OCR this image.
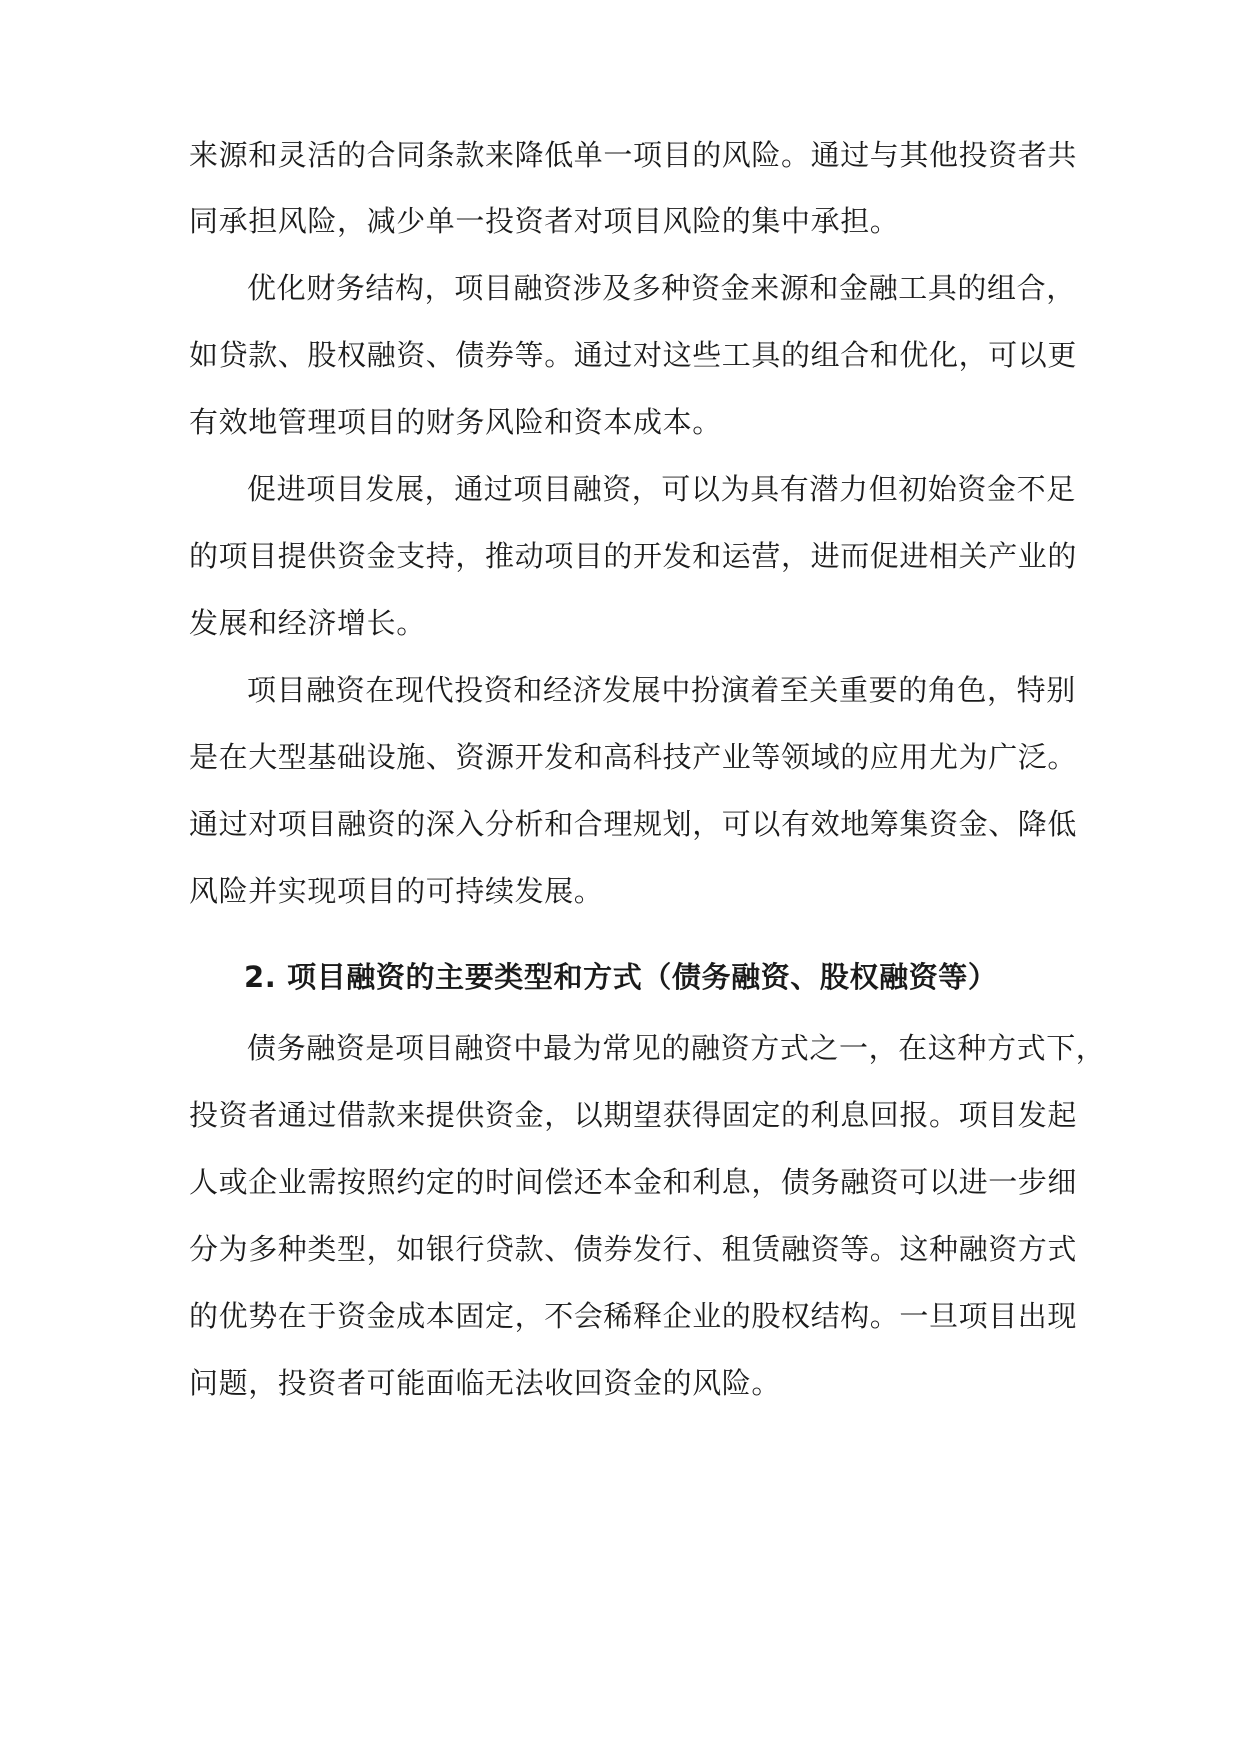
来源和灵活的合同条款来降低单一项目的风险。通过与其他投资者共
同承担风险，减少单一投资者对项目风险的集中承担。
优化财务结构，项目融资涉及多种资金来源和金融工具的组合，
如贷款、股权融资、债券等。通过对这些工具的组合和优化，可以更
有效地管理项目的财务风险和资本成本。
促进项目发展，通过项目融资，可以为具有潜力但初始资金不足
的项目提供资金支持，推动项目的开发和运营，进而促进相关产业的
发展和经济增长。
项目融资在现代投资和经济发展中扮演着至关重要的角色，特别
是在大型基础设施、资源开发和高科技产业等领域的应用尤为广泛。
通过对项目融资的深入分析和合理规划，可以有效地筹集资金、降低
风险并实现项目的可持续发展。
2. 项目融资的主要类型和方式（债务融资、股权融资等）
债务融资是项目融资中最为常见的融资方式之一，在这种方式下，
投资者通过借款来提供资金，以期望获得固定的利息回报。项目发起
人或企业需按照约定的时间偿还本金和利息，债务融资可以进一步细
分为多种类型，如银行贷款、债券发行、租赁融资等。这种融资方式
的优势在于资金成本固定，不会稀释企业的股权结构。一旦项目出现
问题，投资者可能面临无法收回资金的风险。
